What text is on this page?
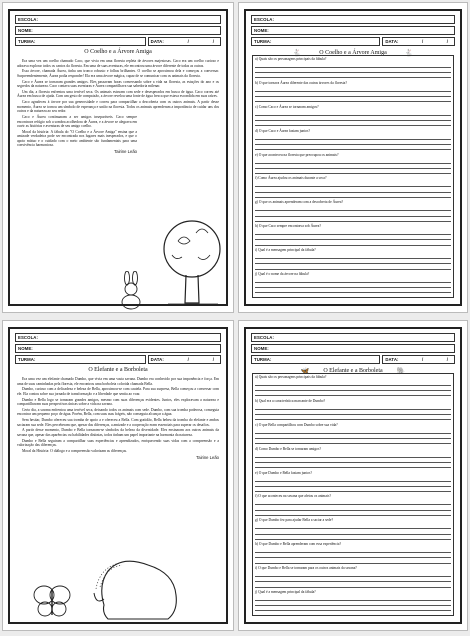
ESCOLA:
NOME:
TURMA:	DATA:	/	/
O Coelho e a Árvore Amiga

Era uma vez um coelho chamado Caco, que vivia em uma floresta repleta de árvores majestosas. Caco era um coelho curioso e adorava explorar todos os cantos da floresta. Em uma de suas aventuras, ele encontrou uma árvore diferente de todas as outras.

Essa árvore, chamada Áurea, tinha um tronco robusto e folhas brilhantes. O coelho se aproximou dela e começou a conversar. Surpreendentemente, Áurea podia responder! Ela era uma árvore mágica, capaz de se comunicar com os animais da floresta.

Caco e Áurea se tornaram grandes amigos. Eles passavam horas conversando sobre a vida na floresta, as estações do ano e os segredos da natureza. Caco contava suas aventuras e Áurea compartilhava sua sabedoria milenar.

Um dia, a floresta enfrentou uma terrível seca. Os animais estavam com sede e desesperados em busca de água. Caco correu até Áurea em busca de ajuda. Com um gesto de compaixão, a árvore revelou uma fonte de água fresca que estava escondida em suas raízes.

Caco agradeceu à árvore por sua generosidade e correu para compartilhar a descoberta com os outros animais. A partir desse momento, Áurea se tornou um símbolo de esperança e união na floresta. Todos os animais aprenderam a importância de cuidar uns dos outros e da natureza ao seu redor.

Caco e Áurea continuaram a ser amigos inseparáveis. Caco sempre encontrava refúgio sob a sombra acolhedora de Áurea, e a árvore se alegrava em ouvir as histórias e aventuras de seu amigo coelho.

Moral da história: A fábula do "O Coelho e a Árvore Amiga" ensina que a amizade verdadeira pode ser encontrada nos lugares mais inesperados, e que o apoio mútuo e o cuidado com o meio ambiente são fundamentais para uma convivência harmoniosa.

Tairine Leão
ESCOLA:
NOME:
TURMA:	DATA:	/	/
🐇	O Coelho e a Árvore Amiga	🐇
a) Quais são os personagens principais da fábula?
b) O que tornava Áurea diferente das outras árvores da floresta?
c) Como Caco e Áurea se tornaram amigos?
d) O que Caco e Áurea faziam juntos?
e) O que aconteceu na floresta que preocupou os animais?
f) Como Áurea ajudou os animais durante a seca?
g) O que os animais aprenderam com a descoberta de Áurea?
h) O que Caco sempre encontrava sob Áurea?
i) Qual é a mensagem principal da fábula?
j) Qual é o nome da árvore na fábula?
ESCOLA:
NOME:
TURMA:	DATA:	/	/
O Elefante e a Borboleta

Era uma vez um elefante chamado Dumbo, que vivia em uma vasta savana. Dumbo era conhecido por sua imponência e força. Em uma de suas caminhadas pela floresta, ele encontrou uma borboleta colorida chamada Bella.

Dumbo, curioso com a delicadeza e beleza de Bella, aproximou-se com cautela. Para sua surpresa, Bella começou a conversar com ele. Ela contou sobre sua jornada de transformação e a liberdade que sentia ao voar.

Dumbo e Bella logo se tornaram grandes amigos, mesmo com suas diferenças evidentes. Juntos, eles exploravam a natureza e compartilhavam suas perspectivas únicas sobre a vida na savana.

Certo dia, a savana enfrentou uma terrível seca, deixando todos os animais com sede. Dumbo, com sua tromba poderosa, conseguia encontrar um pequeno poço de água. Porém, Bella, com suas asas frágeis, não conseguia alcançar a água.

Sem hesitar, Dumbo ofereceu sua tromba de apoio a e ofereceu a Bella. Com gratidão, Bella bebeu da tromba do elefante e ambos saciaram sua sede. Eles perceberam que, apesar das diferenças, a amizade e a cooperação eram essenciais para superar os desafios.

A partir desse momento, Dumbo e Bella tornaram-se símbolos da beleza da diversidade. Eles ensinaram aos outros animais da savana que, apesar das aparências ou habilidades distintas, todos tinham um papel importante na harmonia da natureza.

Dumbo e Bella seguiram a compartilhar suas experiências e aprendizados, enriquecendo suas vidas com a compreensão e a valorização das diferenças.

Moral da História: O diálogo e a compreensão valorizam as diferenças.

Tairine Leão
ESCOLA:
NOME:
TURMA:	DATA:	/	/
🦋 O Elefante e a Borboleta 🐘
a) Quais são os personagens principais da fábula?
b) Qual era a característica marcante de Dumbo?
c) O que Bella compartilhou com Dumbo sobre sua vida?
d) Como Dumbo e Bella se tornaram amigos?
e) O que Dumbo e Bella faziam juntos?
f) O que aconteceu na savana que afetou os animais?
g) O que Dumbo fez para ajudar Bella a saciar a sede?
h) O que Dumbo e Bella aprenderam com essa experiência?
i) O que Dumbo e Bella se tornaram para os outros animais da savana?
j) Qual é a mensagem principal da fábula?
